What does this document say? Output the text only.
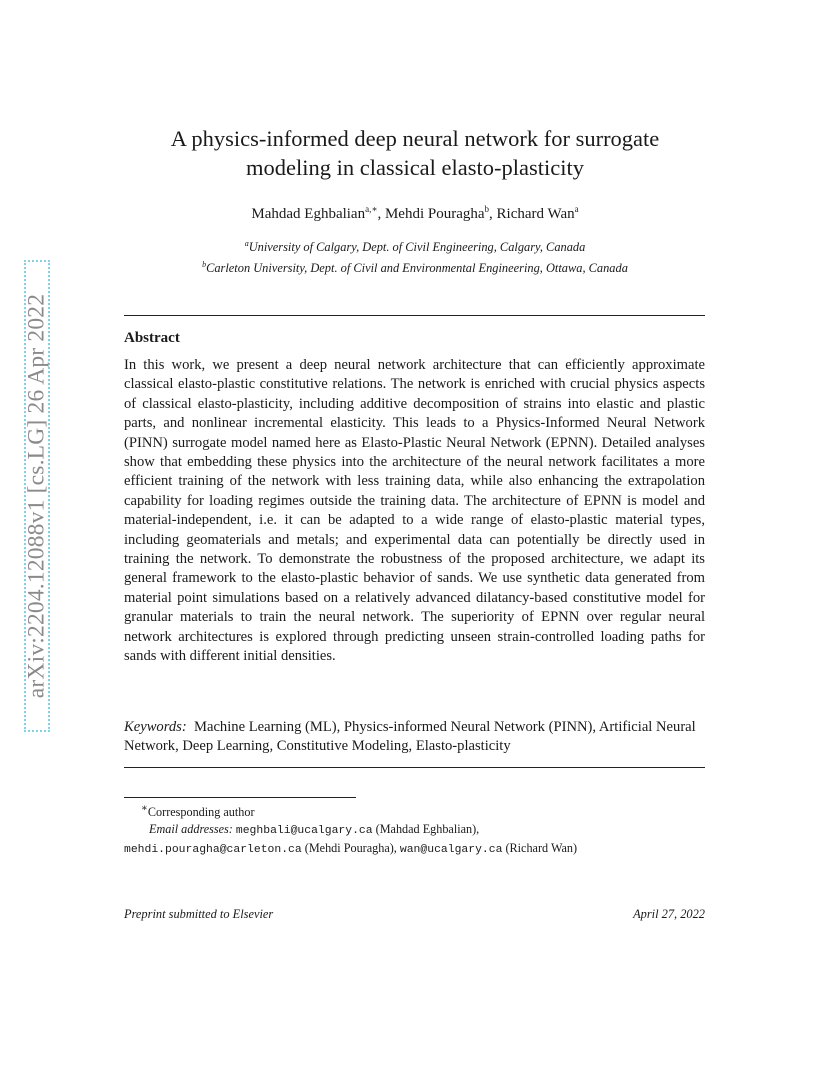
arXiv:2204.12088v1 [cs.LG] 26 Apr 2022
A physics-informed deep neural network for surrogate
modeling in classical elasto-plasticity
Mahdad Eghbalian$^{a,∗}$, Mehdi Pouragha$^b$, Richard Wan$^a$
$^a$University of Calgary, Dept. of Civil Engineering, Calgary, Canada
$^b$Carleton University, Dept. of Civil and Environmental Engineering, Ottawa, Canada
Abstract

In this work, we present a deep neural network architecture that can efficiently approximate classical elasto-plastic constitutive relations. The network is enriched with crucial physics aspects of classical elasto-plasticity, including additive decomposition of strains into elastic and plastic parts, and nonlinear incremental elasticity. This leads to a Physics-Informed Neural Network (PINN) surrogate model named here as Elasto-Plastic Neural Network (EPNN). Detailed analyses show that embedding these physics into the architecture of the neural network facilitates a more efficient training of the network with less training data, while also enhancing the extrapolation capability for loading regimes outside the training data. The architecture of EPNN is model and material-independent, i.e. it can be adapted to a wide range of elasto-plastic material types, including geomaterials and metals; and experimental data can potentially be directly used in training the network. To demonstrate the robustness of the proposed architecture, we adapt its general framework to the elasto-plastic behavior of sands. We use synthetic data generated from material point simulations based on a relatively advanced dilatancy-based constitutive model for granular materials to train the neural network. The superiority of EPNN over regular neural network architectures is explored through predicting unseen strain-controlled loading paths for sands with different initial densities.

Keywords: Machine Learning (ML), Physics-informed Neural Network (PINN), Artificial Neural Network, Deep Learning, Constitutive Modeling, Elasto-plasticity

∗Corresponding author
Email addresses: meghbali@ucalgary.ca (Mahdad Eghbalian),
mehdi.pouragha@carleton.ca (Mehdi Pouragha), wan@ucalgary.ca (Richard Wan)
Preprint submitted to Elsevier	April 27, 2022
